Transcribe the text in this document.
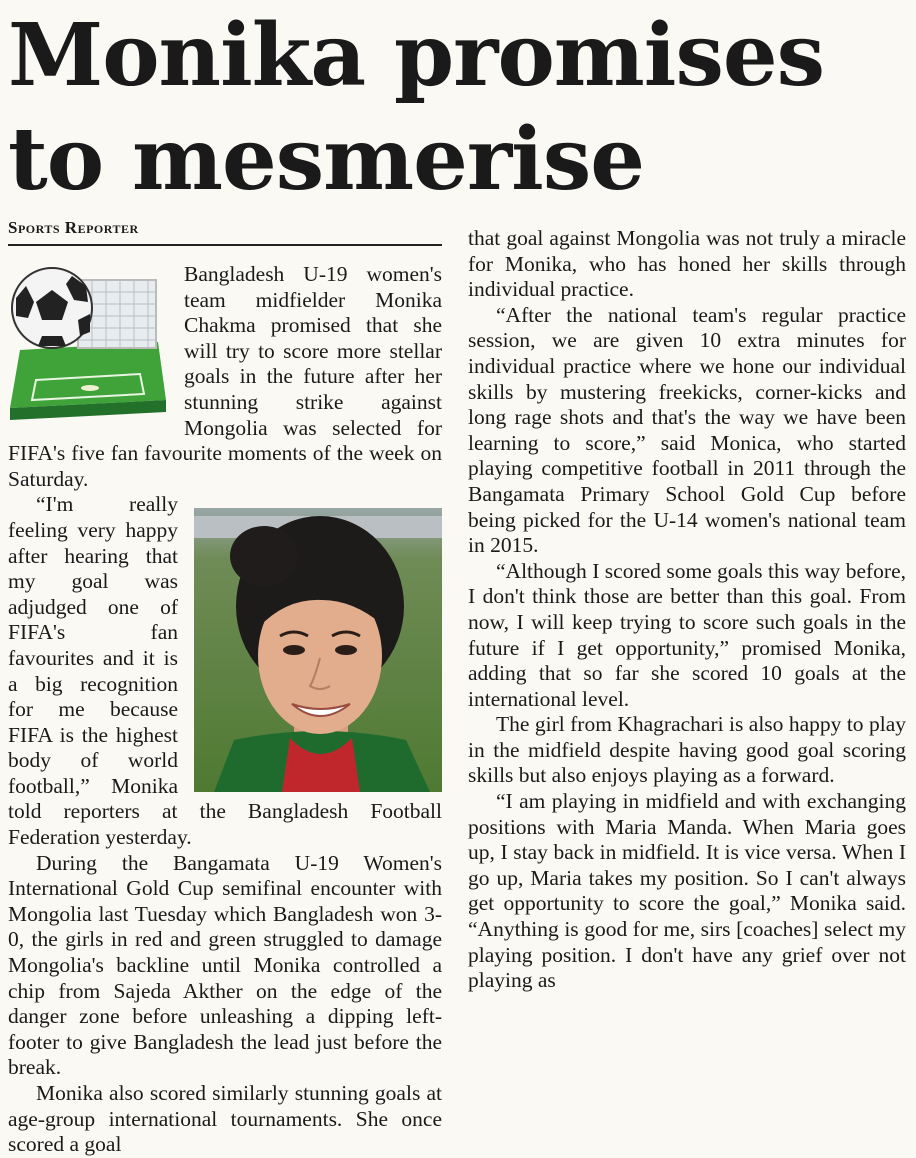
Monika promises to mesmerise
Sports Reporter

Bangladesh U-19 women's team midfielder Monika Chakma promised that she will try to score more stellar goals in the future after her stunning strike against Mongolia was selected for FIFA's five fan favourite moments of the week on Saturday.

“I'm really feeling very happy after hearing that my goal was adjudged one of FIFA's fan favourites and it is a big recognition for me because FIFA is the highest body of world football,” Monika told reporters at the Bangladesh Football Federation yesterday.

During the Bangamata U-19 Women's International Gold Cup semifinal encounter with Mongolia last Tuesday which Bangladesh won 3-0, the girls in red and green struggled to damage Mongolia's backline until Monika controlled a chip from Sajeda Akther on the edge of the danger zone before unleashing a dipping left-footer to give Bangladesh the lead just before the break.

Monika also scored similarly stunning goals at age-group international tournaments. She once scored a goal

that goal against Mongolia was not truly a miracle for Monika, who has honed her skills through individual practice.

“After the national team's regular practice session, we are given 10 extra minutes for individual practice where we hone our individual skills by mustering freekicks, corner-kicks and long rage shots and that's the way we have been learning to score,” said Monica, who started playing competitive football in 2011 through the Bangamata Primary School Gold Cup before being picked for the U-14 women's national team in 2015.

“Although I scored some goals this way before, I don't think those are better than this goal. From now, I will keep trying to score such goals in the future if I get opportunity,” promised Monika, adding that so far she scored 10 goals at the international level.

The girl from Khagrachari is also happy to play in the midfield despite having good goal scoring skills but also enjoys playing as a forward.

“I am playing in midfield and with exchanging positions with Maria Manda. When Maria goes up, I stay back in midfield. It is vice versa. When I go up, Maria takes my position. So I can't always get opportunity to score the goal,” Monika said. “Anything is good for me, sirs [coaches] select my playing position. I don't have any grief over not playing as
